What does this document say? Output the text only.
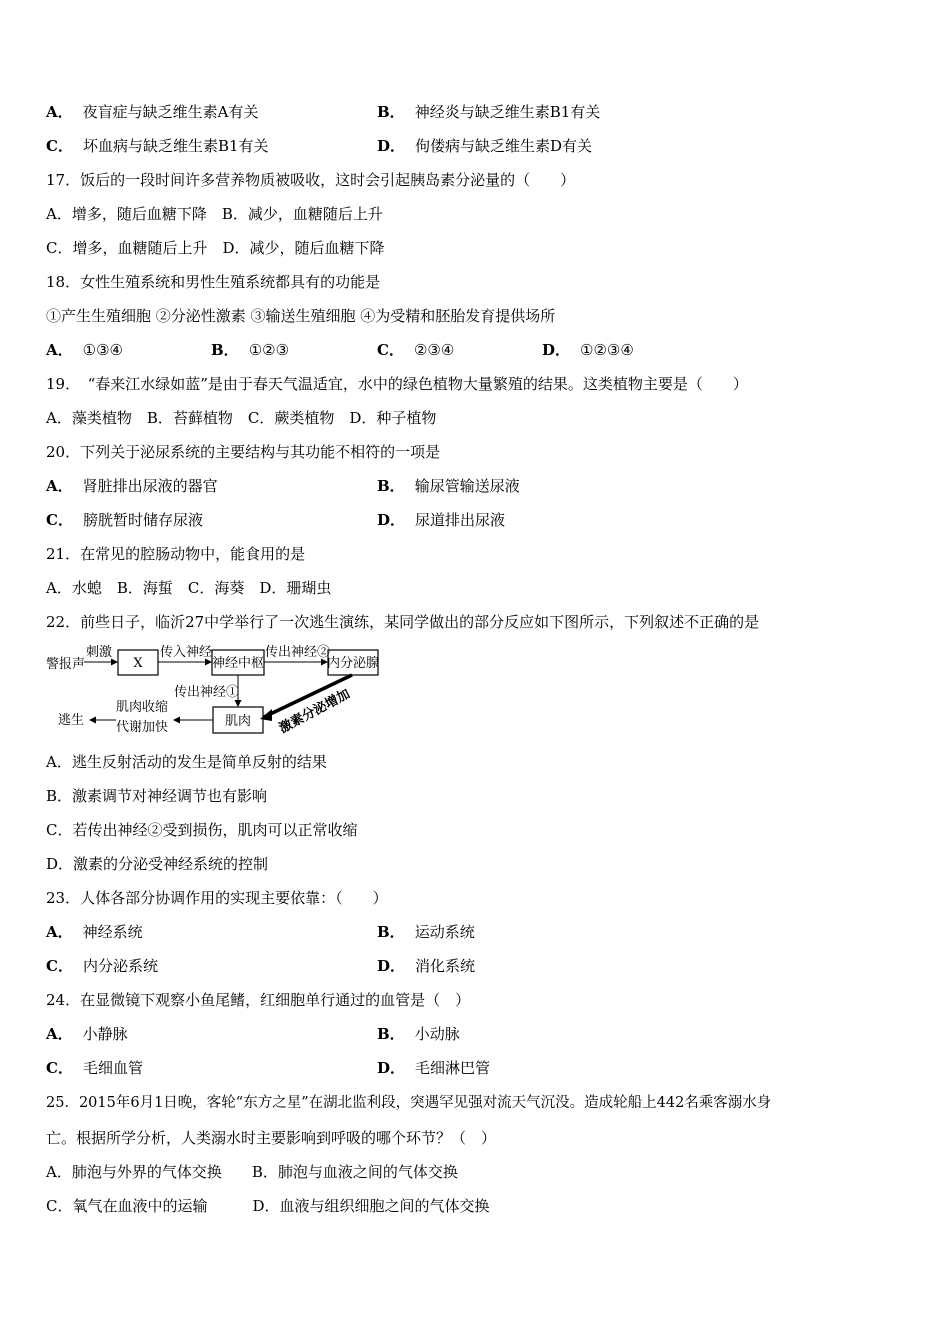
A． 夜盲症与缺乏维生素A有关	B． 神经炎与缺乏维生素B1有关
C． 坏血病与缺乏维生素B1有关	D． 佝偻病与缺乏维生素D有关
17．饭后的一段时间许多营养物质被吸收，这时会引起胰岛素分泌量的（　　）
A．增多，随后血糖下降　B．减少，血糖随后上升
C．增多，血糖随后上升　D．减少，随后血糖下降
18．女性生殖系统和男性生殖系统都具有的功能是
①产生生殖细胞 ②分泌性激素 ③输送生殖细胞 ④为受精和胚胎发育提供场所
A． ①③④	B． ①②③	C． ②③④	D． ①②③④
19．　“春来江水绿如蓝”是由于春天气温适宜，水中的绿色植物大量繁殖的结果。这类植物主要是（　　）
A．藻类植物　B．苔藓植物　C．蕨类植物　D．种子植物
20．下列关于泌尿系统的主要结构与其功能不相符的一项是
A． 肾脏排出尿液的器官	B． 输尿管输送尿液
C． 膀胱暂时储存尿液	D． 尿道排出尿液
21．在常见的腔肠动物中，能食用的是
A．水螅　B．海蜇　C．海葵　D．珊瑚虫
22．前些日子，临沂27中学举行了一次逃生演练，某同学做出的部分反应如下图所示，下列叙述不正确的是
警报声
刺激
X
传入神经
神经中枢
传出神经②
内分泌腺
传出神经①	激素分泌增加
肌肉
肌肉收缩
代谢加快
逃生
A．逃生反射活动的发生是简单反射的结果
B．激素调节对神经调节也有影响
C．若传出神经②受到损伤，肌肉可以正常收缩
D．激素的分泌受神经系统的控制
23．人体各部分协调作用的实现主要依靠：（　　）
A． 神经系统	B． 运动系统
C． 内分泌系统	D． 消化系统
24．在显微镜下观察小鱼尾鳍，红细胞单行通过的血管是（　）
A． 小静脉	B． 小动脉
C． 毛细血管	D． 毛细淋巴管
25．2015年6月1日晚，客轮“东方之星”在湖北监利段，突遇罕见强对流天气沉没。造成轮船上442名乘客溺水身
亡。根据所学分析，人类溺水时主要影响到呼吸的哪个环节？（　）
A．肺泡与外界的气体交换　　B．肺泡与血液之间的气体交换
C．氧气在血液中的运输　　　D．血液与组织细胞之间的气体交换
